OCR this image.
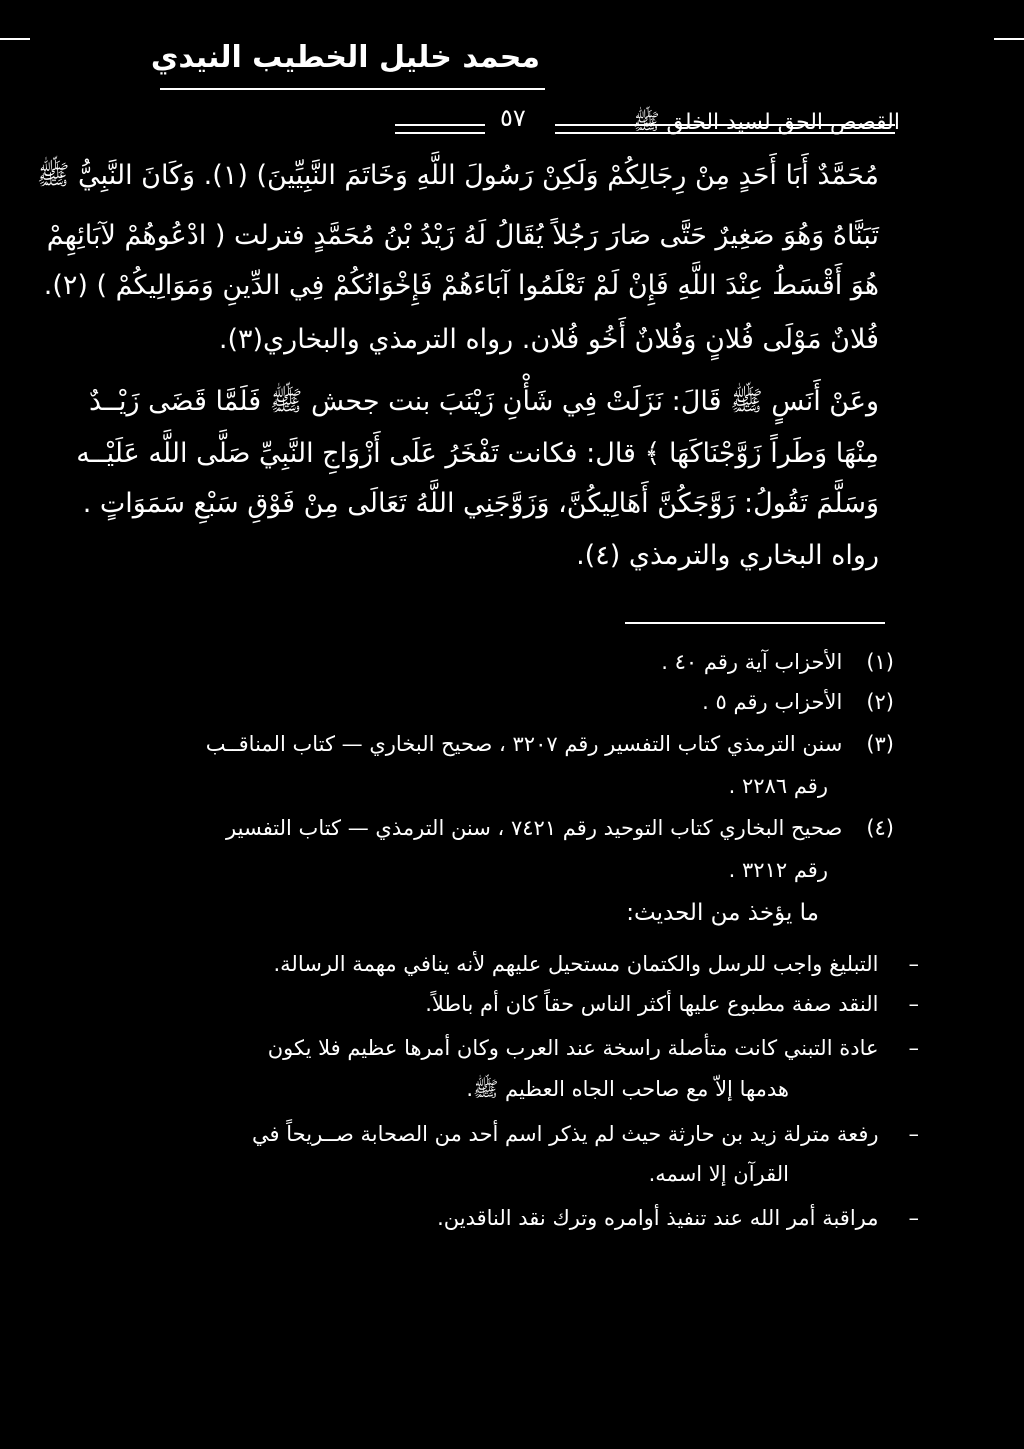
محمد خليل الخطيب النيدي
القصص الحق لسيد الخلق ﷺ
٥٧
مُحَمَّدٌ أَبَا أَحَدٍ مِنْ رِجَالِكُمْ وَلَكِنْ رَسُولَ اللَّهِ وَخَاتَمَ النَّبِيِّينَ) (١). وَكَانَ النَّبِيُّ ﷺ
تَبَنَّاهُ وَهُوَ صَغِيرٌ حَتَّى صَارَ رَجُلاً يُقَالُ لَهُ زَيْدُ بْنُ مُحَمَّدٍ فترلت ( ادْعُوهُمْ لآبَائِهِمْ
هُوَ أَقْسَطُ عِنْدَ اللَّهِ فَإِنْ لَمْ تَعْلَمُوا آبَاءَهُمْ فَإِخْوَانُكُمْ فِي الدِّينِ وَمَوَالِيكُمْ ) (٢).
فُلانٌ مَوْلَى فُلانٍ وَفُلانٌ أَخُو فُلان. رواه الترمذي والبخاري(٣).
وعَنْ أَنَسٍ ﷺ قَالَ: نَزَلَتْ فِي شَأْنِ زَيْنَبَ بنت جحش ﷺ فَلَمَّا قَضَى زَيْــدٌ
مِنْهَا وَطَراً زَوَّجْنَاكَهَا ﴾ قال: فكانت تَفْخَرُ عَلَى أَزْوَاجِ النَّبِيِّ صَلَّى اللَّه عَلَيْــه
وَسَلَّمَ تَقُولُ: زَوَّجَكُنَّ أَهَالِيكُنَّ، وَزَوَّجَنِي اللَّهُ تَعَالَى مِنْ فَوْقِ سَبْعِ سَمَوَاتٍ .
رواه البخاري والترمذي (٤).
(١)الأحزاب آية رقم ٤٠ .
(٢)الأحزاب رقم ٥ .
(٣)سنن الترمذي كتاب التفسير رقم ٣٢٠٧ ، صحيح البخاري — كتاب المناقــب
رقم ٢٢٨٦ .
(٤)صحيح البخاري كتاب التوحيد رقم ٧٤٢١ ، سنن الترمذي — كتاب التفسير
رقم ٣٢١٢ .
ما يؤخذ من الحديث:
–التبليغ واجب للرسل والكتمان مستحيل عليهم لأنه ينافي مهمة الرسالة.
–النقد صفة مطبوع عليها أكثر الناس حقاً كان أم باطلاً.
–عادة التبني كانت متأصلة راسخة عند العرب وكان أمرها عظيم فلا يكون
هدمها إلاّ مع صاحب الجاه العظيم ﷺ.
–رفعة مترلة زيد بن حارثة حيث لم يذكر اسم أحد من الصحابة صــريحاً في
القرآن إلا اسمه.
–مراقبة أمر الله عند تنفيذ أوامره وترك نقد الناقدين.
